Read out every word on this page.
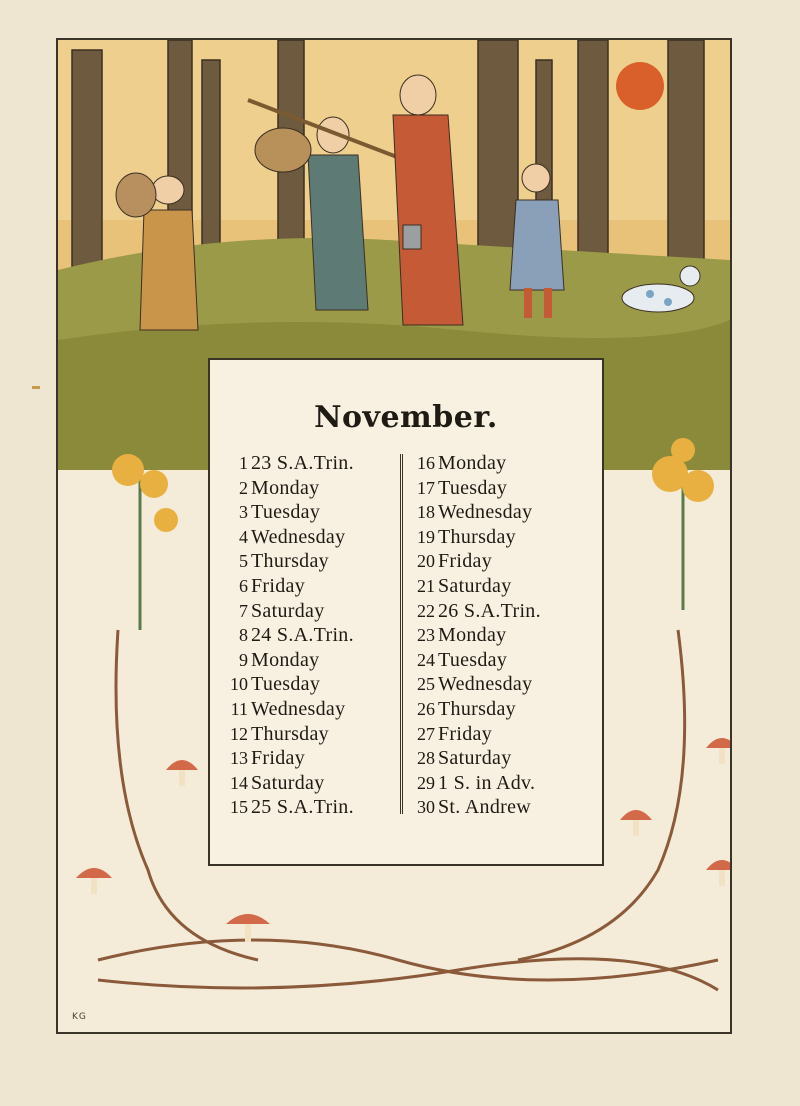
November.
1 23 S.A.Trin.
2 Monday
3 Tuesday
4 Wednesday
5 Thursday
6 Friday
7 Saturday
8 24 S.A.Trin.
9 Monday
10 Tuesday
11 Wednesday
12 Thursday
13 Friday
14 Saturday
15 25 S.A.Trin.
16 Monday
17 Tuesday
18 Wednesday
19 Thursday
20 Friday
21 Saturday
22 26 S.A.Trin.
23 Monday
24 Tuesday
25 Wednesday
26 Thursday
27 Friday
28 Saturday
29 1 S. in Adv.
30 St. Andrew
KG
